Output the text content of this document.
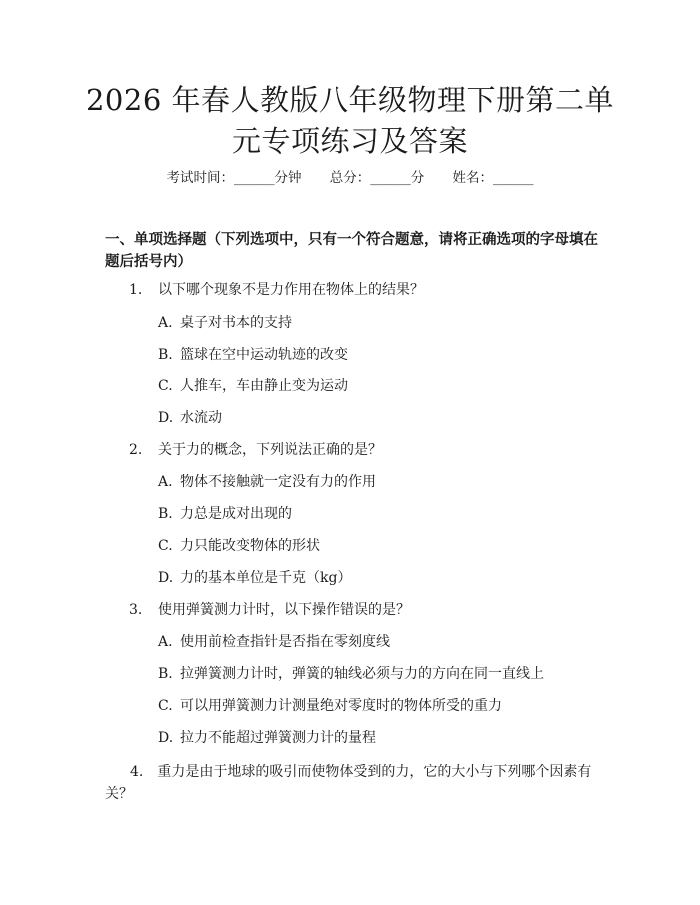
2026 年春人教版八年级物理下册第二单元专项练习及答案
考试时间：______分钟 总分：______分 姓名：______
一、单项选择题（下列选项中，只有一个符合题意，请将正确选项的字母填在题后括号内）
1. 以下哪个现象不是力作用在物体上的结果？
A. 桌子对书本的支持
B. 篮球在空中运动轨迹的改变
C. 人推车，车由静止变为运动
D. 水流动
2. 关于力的概念，下列说法正确的是？
A. 物体不接触就一定没有力的作用
B. 力总是成对出现的
C. 力只能改变物体的形状
D. 力的基本单位是千克（kg）
3. 使用弹簧测力计时，以下操作错误的是？
A. 使用前检查指针是否指在零刻度线
B. 拉弹簧测力计时，弹簧的轴线必须与力的方向在同一直线上
C. 可以用弹簧测力计测量绝对零度时的物体所受的重力
D. 拉力不能超过弹簧测力计的量程
4. 重力是由于地球的吸引而使物体受到的力，它的大小与下列哪个因素有关？
